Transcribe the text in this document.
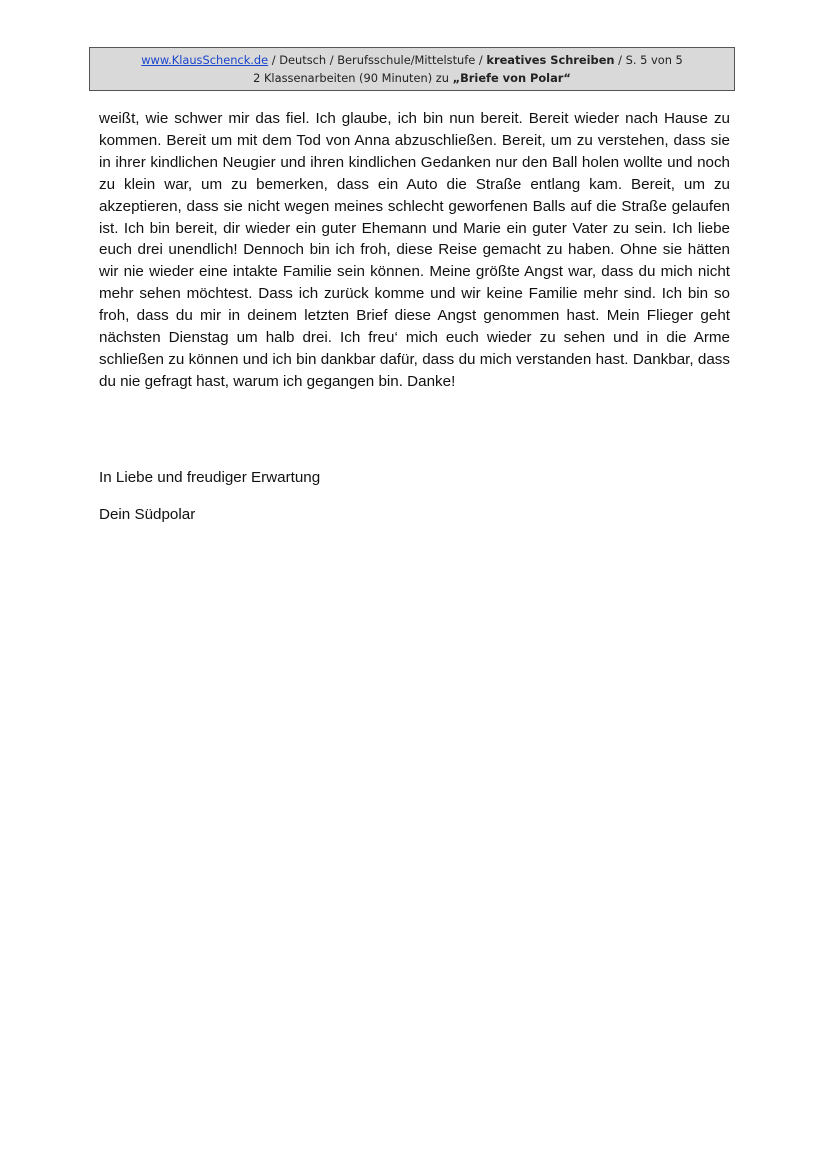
www.KlausSchenck.de / Deutsch / Berufsschule/Mittelstufe / kreatives Schreiben / S. 5 von 5
2 Klassenarbeiten (90 Minuten) zu „Briefe von Polar“

weißt, wie schwer mir das fiel. Ich glaube, ich bin nun bereit. Bereit wieder nach Hause zu kommen. Bereit um mit dem Tod von Anna abzuschließen. Bereit, um zu verstehen, dass sie in ihrer kindlichen Neugier und ihren kindlichen Gedanken nur den Ball holen wollte und noch zu klein war, um zu bemerken, dass ein Auto die Straße entlang kam. Bereit, um zu akzeptieren, dass sie nicht wegen meines schlecht geworfenen Balls auf die Straße gelaufen ist. Ich bin bereit, dir wieder ein guter Ehemann und Marie ein guter Vater zu sein. Ich liebe euch drei unendlich! Dennoch bin ich froh, diese Reise gemacht zu haben. Ohne sie hätten wir nie wieder eine intakte Familie sein können. Meine größte Angst war, dass du mich nicht mehr sehen möchtest. Dass ich zurück komme und wir keine Familie mehr sind. Ich bin so froh, dass du mir in deinem letzten Brief diese Angst genommen hast. Mein Flieger geht nächsten Dienstag um halb drei. Ich freu‘ mich euch wieder zu sehen und in die Arme schließen zu können und ich bin dankbar dafür, dass du mich verstanden hast. Dankbar, dass du nie gefragt hast, warum ich gegangen bin. Danke!

In Liebe und freudiger Erwartung

Dein Südpolar
